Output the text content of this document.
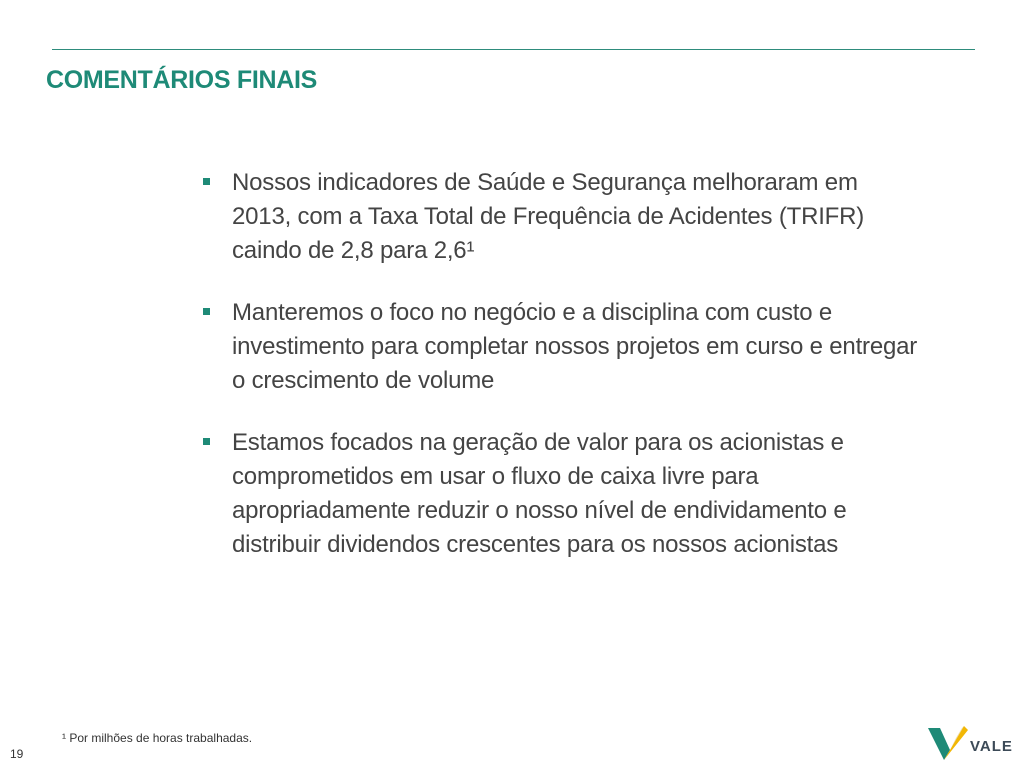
COMENTÁRIOS FINAIS
Nossos indicadores de Saúde e Segurança melhoraram em 2013, com a Taxa Total de Frequência de Acidentes (TRIFR) caindo de 2,8 para 2,6¹
Manteremos o foco no negócio e a disciplina com custo e investimento para completar nossos projetos em curso e entregar o crescimento de volume
Estamos focados na geração de valor para os acionistas e comprometidos em usar o fluxo de caixa livre para apropriadamente reduzir o nosso nível de endividamento e distribuir dividendos crescentes para os nossos acionistas
¹ Por milhões de horas trabalhadas.
19	VALE
